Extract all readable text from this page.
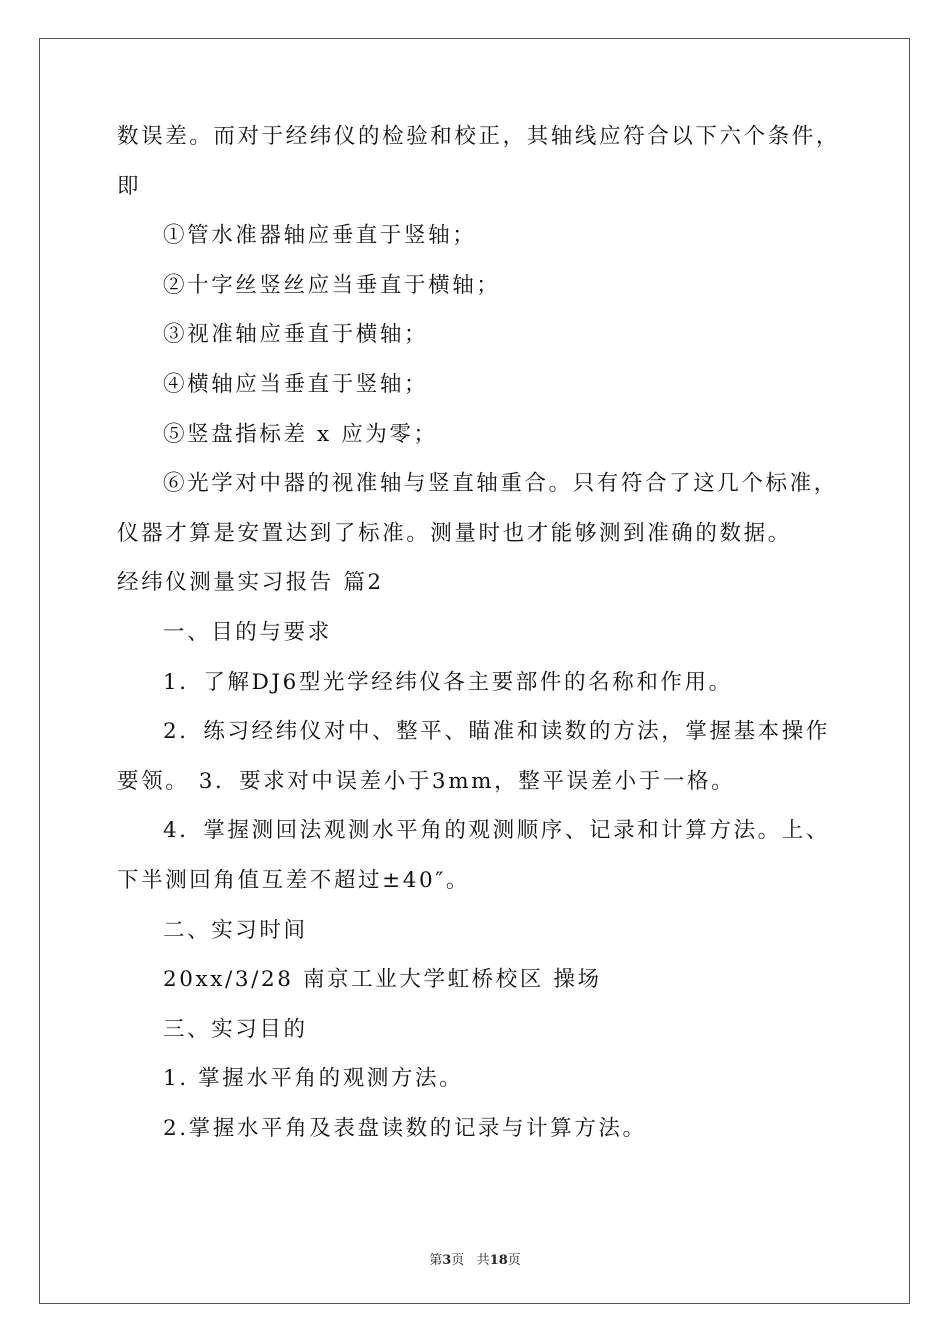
数误差。而对于经纬仪的检验和校正，其轴线应符合以下六个条件，

即

①管水准器轴应垂直于竖轴；

②十字丝竖丝应当垂直于横轴；

③视准轴应垂直于横轴；

④横轴应当垂直于竖轴；

⑤竖盘指标差 x 应为零；

⑥光学对中器的视准轴与竖直轴重合。只有符合了这几个标准，

仪器才算是安置达到了标准。测量时也才能够测到准确的数据。

经纬仪测量实习报告 篇2

一、目的与要求

1．了解DJ6型光学经纬仪各主要部件的名称和作用。

2．练习经纬仪对中、整平、瞄准和读数的方法，掌握基本操作

要领。 3．要求对中误差小于3mm，整平误差小于一格。

4．掌握测回法观测水平角的观测顺序、记录和计算方法。上、

下半测回角值互差不超过±40″。

二、实习时间

20xx/3/28 南京工业大学虹桥校区 操场

三、实习目的

1. 掌握水平角的观测方法。

2.掌握水平角及表盘读数的记录与计算方法。

第3页 共18页
